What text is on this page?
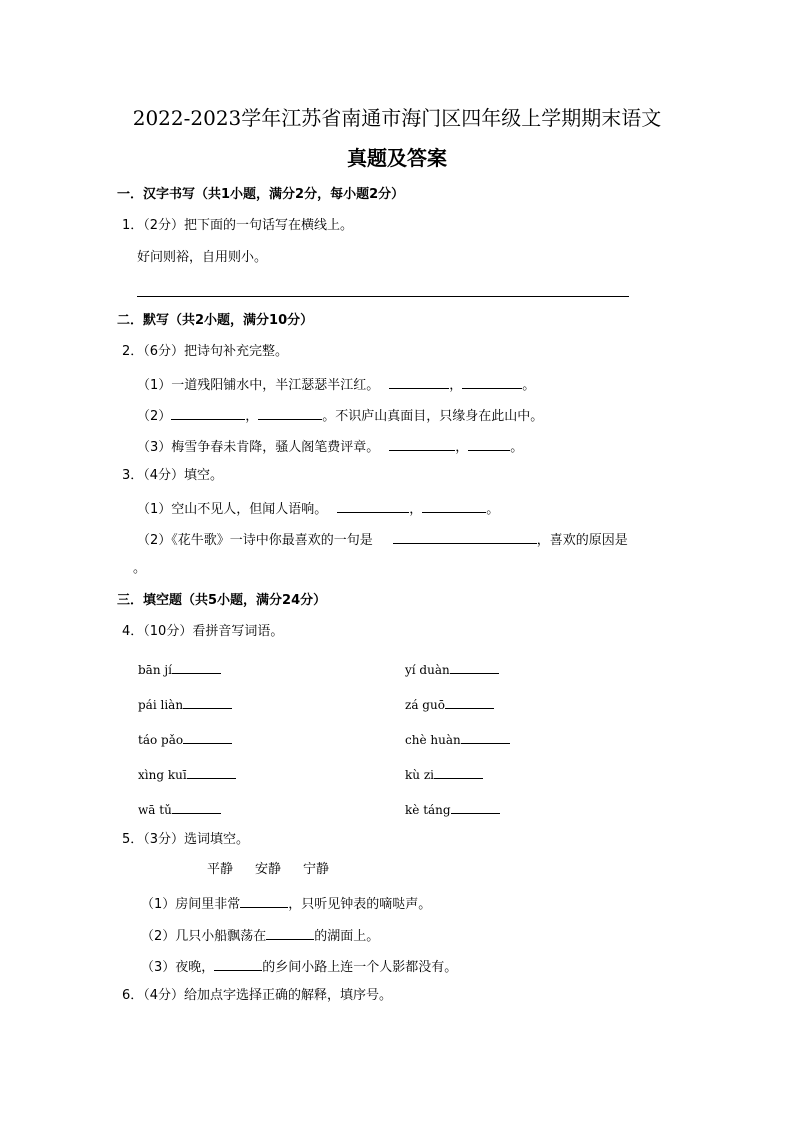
2022-2023学年江苏省南通市海门区四年级上学期期末语文
真题及答案
一．汉字书写（共1小题，满分2分，每小题2分）
1．（2分）把下面的一句话写在横线上。
好问则裕，自用则小。
二．默写（共2小题，满分10分）
2．（6分）把诗句补充完整。
（1）一道残阳铺水中，半江瑟瑟半江红。	，	。
（2）	，	。不识庐山真面目，只缘身在此山中。
（3）梅雪争春未肯降，骚人阁笔费评章。	，	。
3．（4分）填空。
（1）空山不见人，但闻人语响。	，	。
（2）《花牛歌》一诗中你最喜欢的一句是	，喜欢的原因是
。
三．填空题（共5小题，满分24分）
4．（10分）看拼音写词语。
bān jí	yí duàn
pái liàn	zá guō
táo pǎo	chè huàn
xìng kuī	kù zi
wā tǔ	kè táng
5．（3分）选词填空。
平静 安静 宁静
（1）房间里非常	，只听见钟表的嘀哒声。
（2）几只小船飘荡在	的湖面上。
（3）夜晚，	的乡间小路上连一个人影都没有。
6．（4分）给加点字选择正确的解释，填序号。
